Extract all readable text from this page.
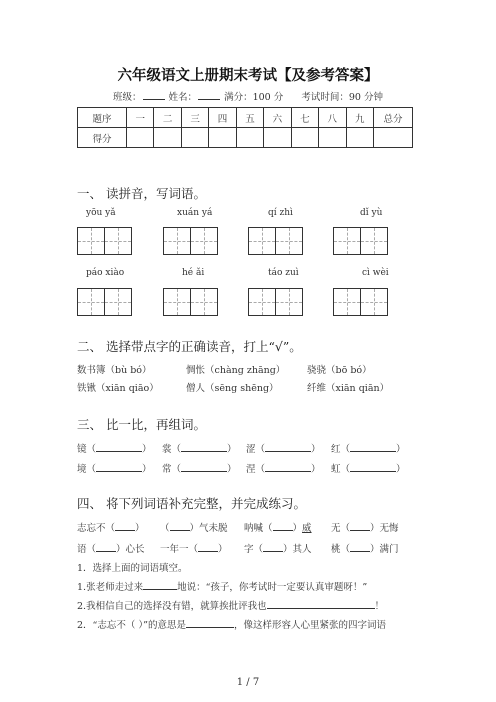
六年级语文上册期末考试【及参考答案】
班级：	姓名：	满分：100 分 考试时间：90 分钟
题序	一	二	三	四	五	六	七	八	九	总分
得分										
一、 读拼音，写词语。
yōu yǎ	xuán yá	qí zhì	dǐ yù
páo xiào	hé ǎi	táo zuì	cì wèi
二、 选择带点字的正确读音，打上“√”。
数书簿（bù bó）	惆怅（chàng zhāng） 骁骁（bō bó）
铁锹（xiān qiāo）	僧人（sēng shēng）	纤维（xiān qiān）
三、 比一比，再组词。
镜（	） 裳（	） 涩（	） 红（	）
境（	） 常（	） 涅（	） 虹（	）
四、 将下列词语补充完整，并完成练习。
志忘不（ ） （ ）气未脱 呐喊（ ）威 无（ ）无悔
语（ ）心长 一年一（ ） 字（ ）其人 桃（ ）满门
1．选择上面的词语填空。
1.张老师走过来	地说：“孩子，你考试时一定要认真审题呀！”
2.我相信自己的选择没有错，就算挨批评我也	！
2．“志忘不（ ）”的意思是	，像这样形容人心里紧张的四字词语
1 / 7
